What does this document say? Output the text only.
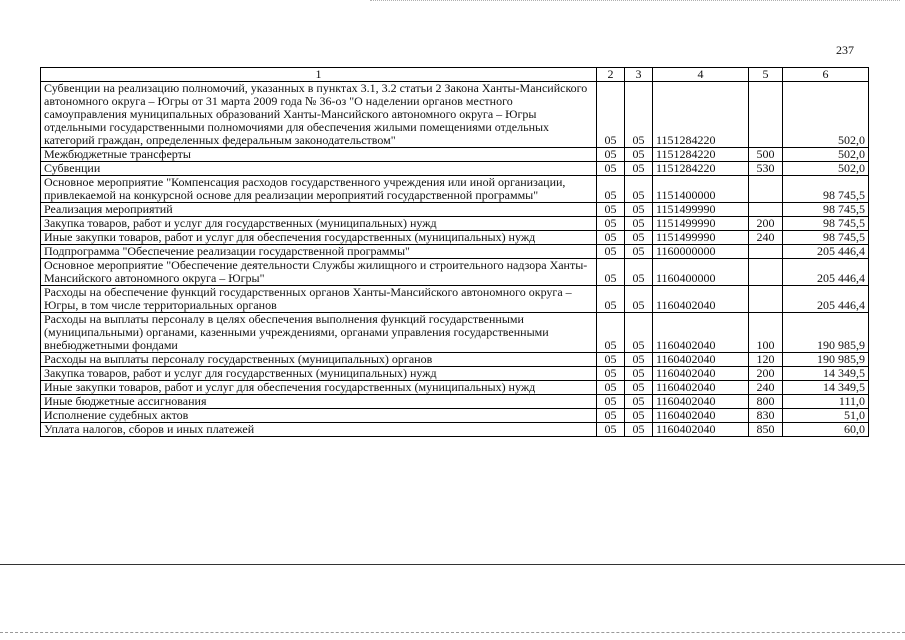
237
1	2	3	4	5	6
Субвенции на реализацию полномочий, указанных в пунктах 3.1, 3.2 статьи 2 Закона Ханты-Мансийского автономного округа – Югры от 31 марта 2009 года № 36-оз "О наделении органов местного самоуправления муниципальных образований Ханты-Мансийского автономного округа – Югры отдельными государственными полномочиями для обеспечения жилыми помещениями отдельных категорий граждан, определенных федеральным законодательством"	05	05	1151284220		502,0
Межбюджетные трансферты	05	05	1151284220	500	502,0
Субвенции	05	05	1151284220	530	502,0
Основное мероприятие "Компенсация расходов государственного учреждения или иной организации, привлекаемой на конкурсной основе для реализации мероприятий государственной программы"	05	05	1151400000		98 745,5
Реализация мероприятий	05	05	1151499990		98 745,5
Закупка товаров, работ и услуг для государственных (муниципальных) нужд	05	05	1151499990	200	98 745,5
Иные закупки товаров, работ и услуг для обеспечения государственных (муниципальных) нужд	05	05	1151499990	240	98 745,5
Подпрограмма "Обеспечение реализации государственной программы"	05	05	1160000000		205 446,4
Основное мероприятие "Обеспечение деятельности Службы жилищного и строительного надзора Ханты-Мансийского автономного округа – Югры"	05	05	1160400000		205 446,4
Расходы на обеспечение функций государственных органов Ханты-Мансийского автономного округа – Югры, в том числе территориальных органов	05	05	1160402040		205 446,4
Расходы на выплаты персоналу в целях обеспечения выполнения функций государственными (муниципальными) органами, казенными учреждениями, органами управления государственными внебюджетными фондами	05	05	1160402040	100	190 985,9
Расходы на выплаты персоналу государственных (муниципальных) органов	05	05	1160402040	120	190 985,9
Закупка товаров, работ и услуг для государственных (муниципальных) нужд	05	05	1160402040	200	14 349,5
Иные закупки товаров, работ и услуг для обеспечения государственных (муниципальных) нужд	05	05	1160402040	240	14 349,5
Иные бюджетные ассигнования	05	05	1160402040	800	111,0
Исполнение судебных актов	05	05	1160402040	830	51,0
Уплата налогов, сборов и иных платежей	05	05	1160402040	850	60,0
